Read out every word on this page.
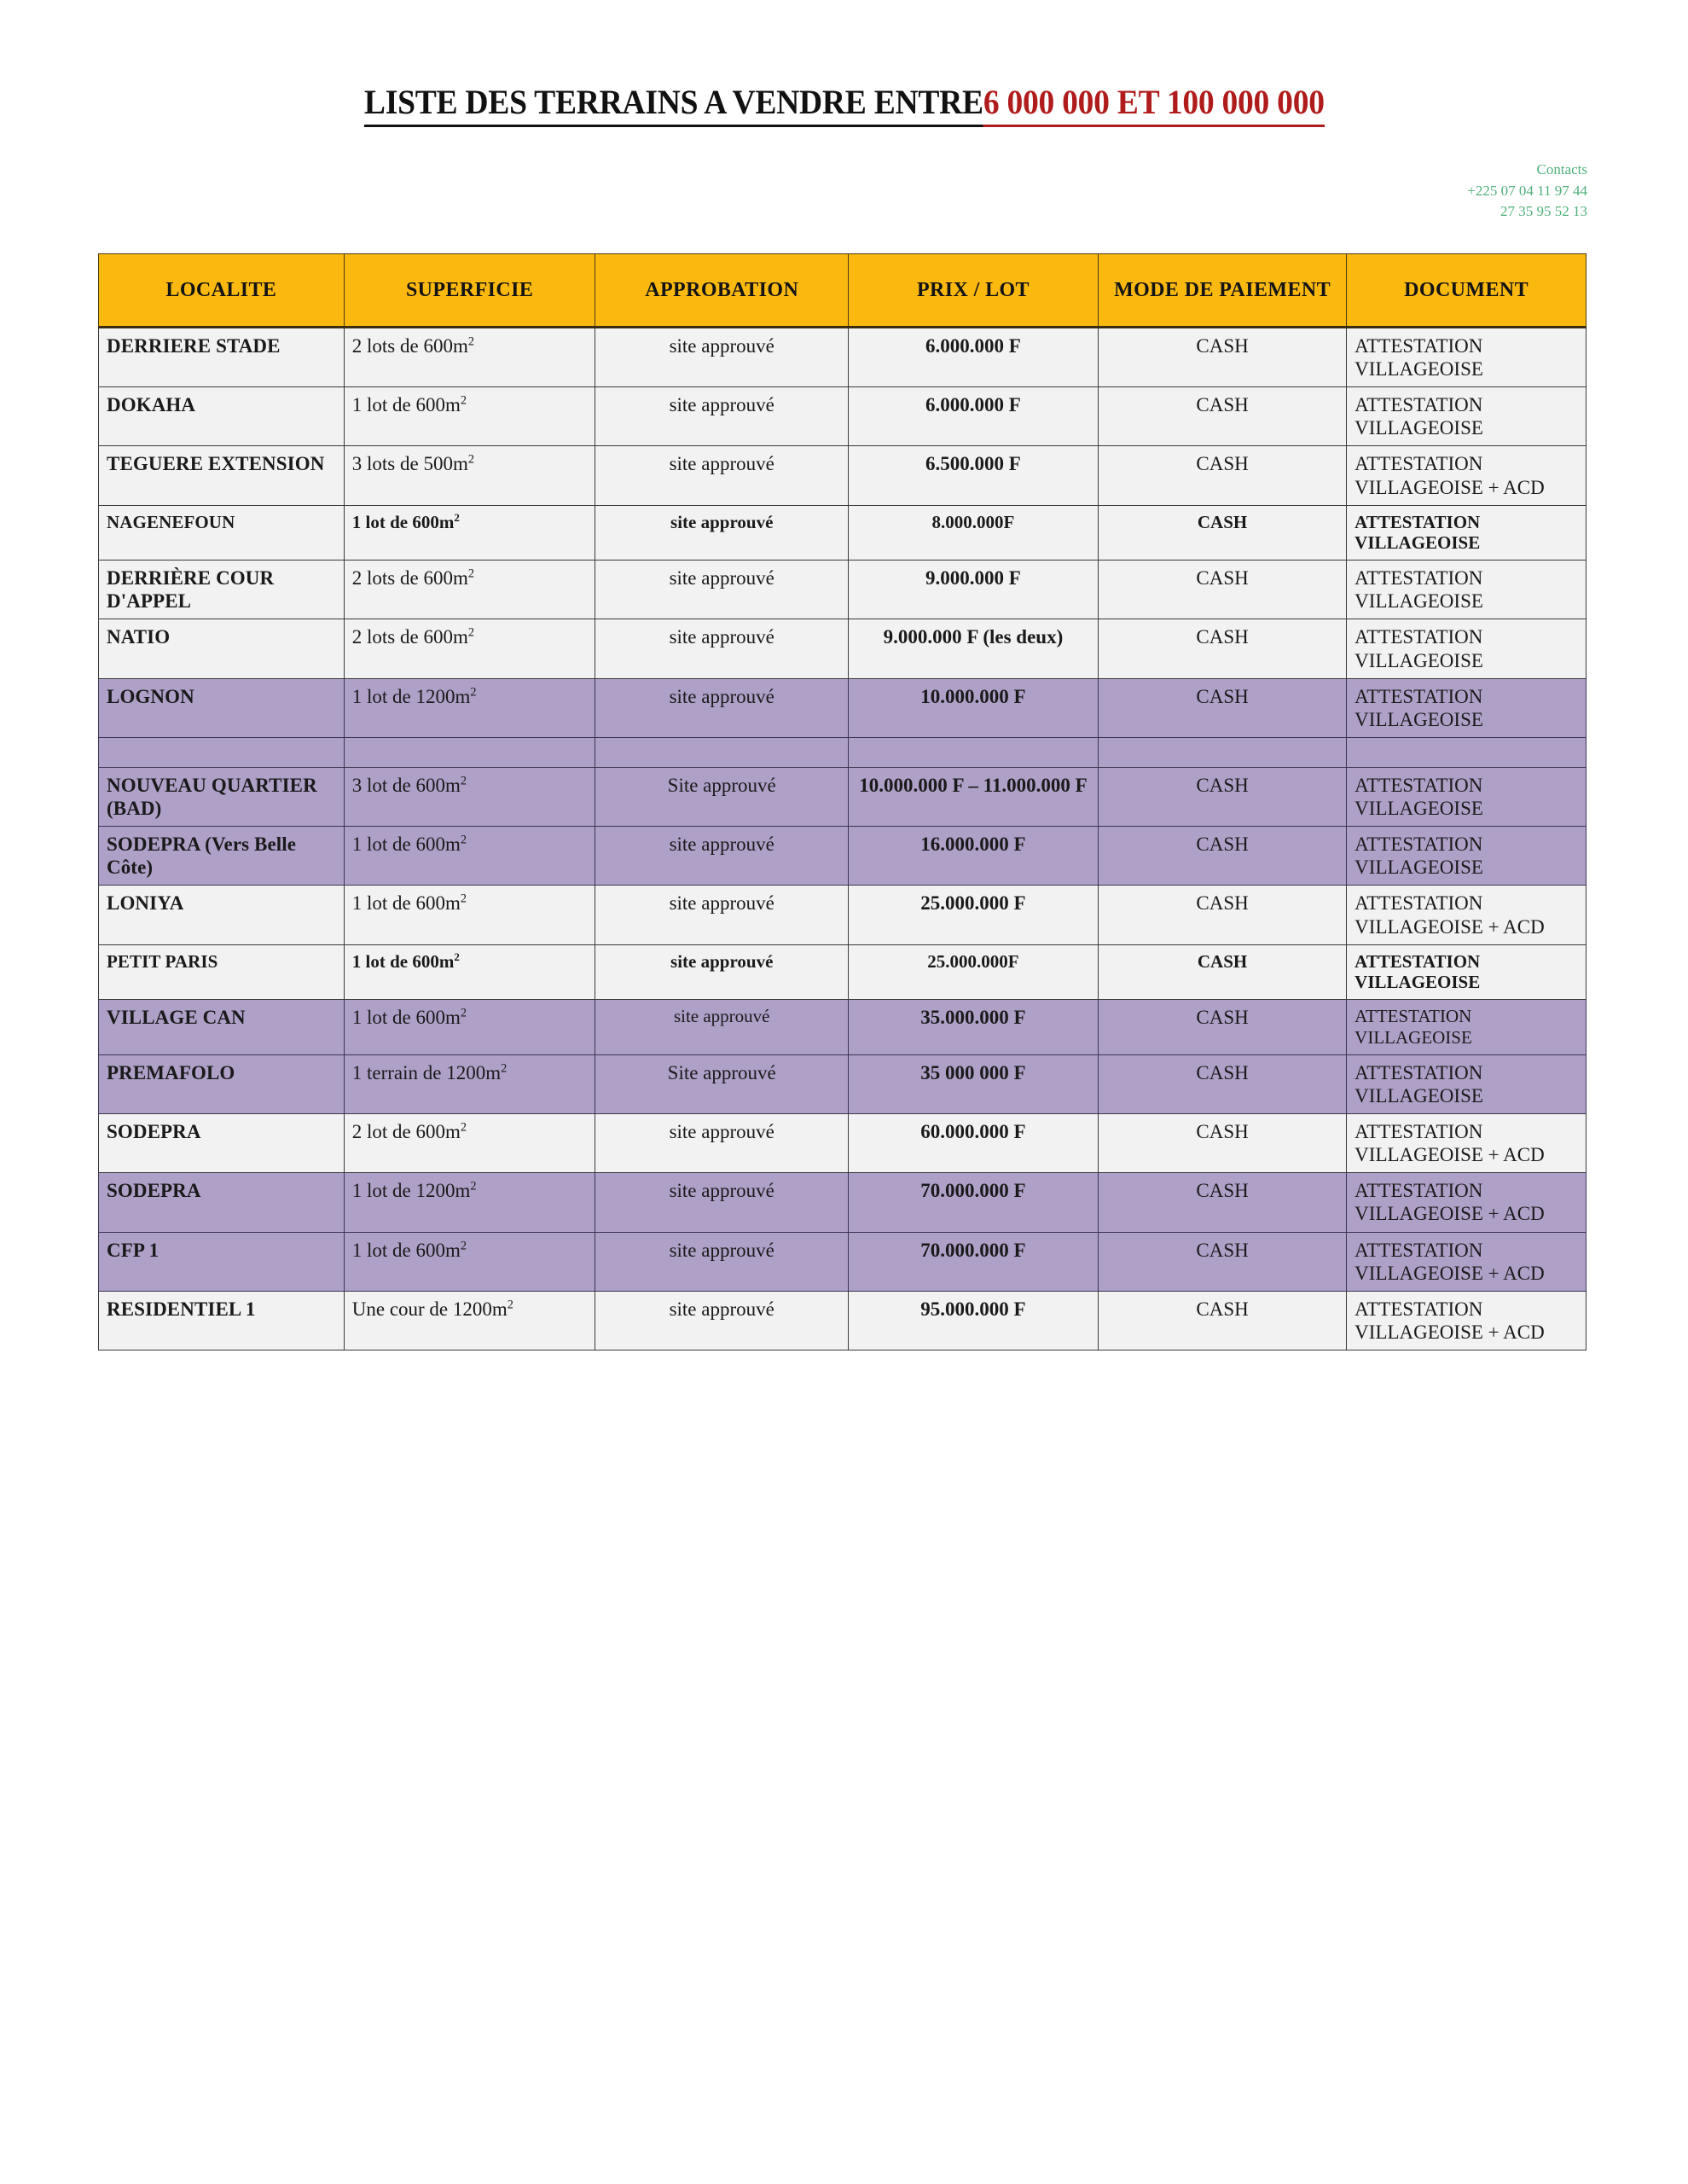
LISTE DES TERRAINS A VENDRE ENTRE6 000 000 ET 100 000 000
Contacts
+225 07 04 11 97 44
27 35 95 52 13
LOCALITE	SUPERFICIE	APPROBATION	PRIX / LOT	MODE DE PAIEMENT	DOCUMENT
DERRIERE STADE	2 lots de $600m^2$	site approuvé	6.000.000 F	CASH	ATTESTATION VILLAGEOISE
DOKAHA	1 lot de $600m^2$	site approuvé	6.000.000 F	CASH	ATTESTATION VILLAGEOISE
TEGUERE EXTENSION	3 lots de $500m^2$	site approuvé	6.500.000 F	CASH	ATTESTATION VILLAGEOISE + ACD
NAGENEFOUN	1 lot de $600m^2$	site approuvé	8.000.000F	CASH	ATTESTATION VILLAGEOISE
DERRIÈRE COUR D'APPEL	2 lots de $600m^2$	site approuvé	9.000.000 F	CASH	ATTESTATION VILLAGEOISE
NATIO	2 lots de $600m^2$	site approuvé	9.000.000 F (les deux)	CASH	ATTESTATION VILLAGEOISE
LOGNON	1 lot de $1200m^2$	site approuvé	10.000.000 F	CASH	ATTESTATION VILLAGEOISE

NOUVEAU QUARTIER (BAD)	3 lot de $600m^2$	Site approuvé	10.000.000 F – 11.000.000 F	CASH	ATTESTATION VILLAGEOISE
SODEPRA (Vers Belle Côte)	1 lot de $600m^2$	site approuvé	16.000.000 F	CASH	ATTESTATION VILLAGEOISE
LONIYA	1 lot de $600m^2$	site approuvé	25.000.000 F	CASH	ATTESTATION VILLAGEOISE + ACD
PETIT PARIS	1 lot de $600m^2$	site approuvé	25.000.000F	CASH	ATTESTATION VILLAGEOISE
VILLAGE CAN	1 lot de $600m^2$	site approuvé	35.000.000 F	CASH	ATTESTATION VILLAGEOISE
PREMAFOLO	1 terrain de $1200m^2$	Site approuvé	35 000 000 F	CASH	ATTESTATION VILLAGEOISE
SODEPRA	2 lot de $600m^2$	site approuvé	60.000.000 F	CASH	ATTESTATION VILLAGEOISE + ACD
SODEPRA	1 lot de $1200m^2$	site approuvé	70.000.000 F	CASH	ATTESTATION VILLAGEOISE + ACD
CFP 1	1 lot de $600m^2$	site approuvé	70.000.000 F	CASH	ATTESTATION VILLAGEOISE + ACD
RESIDENTIEL 1	Une cour de $1200m^2$	site approuvé	95.000.000 F	CASH	ATTESTATION VILLAGEOISE + ACD
